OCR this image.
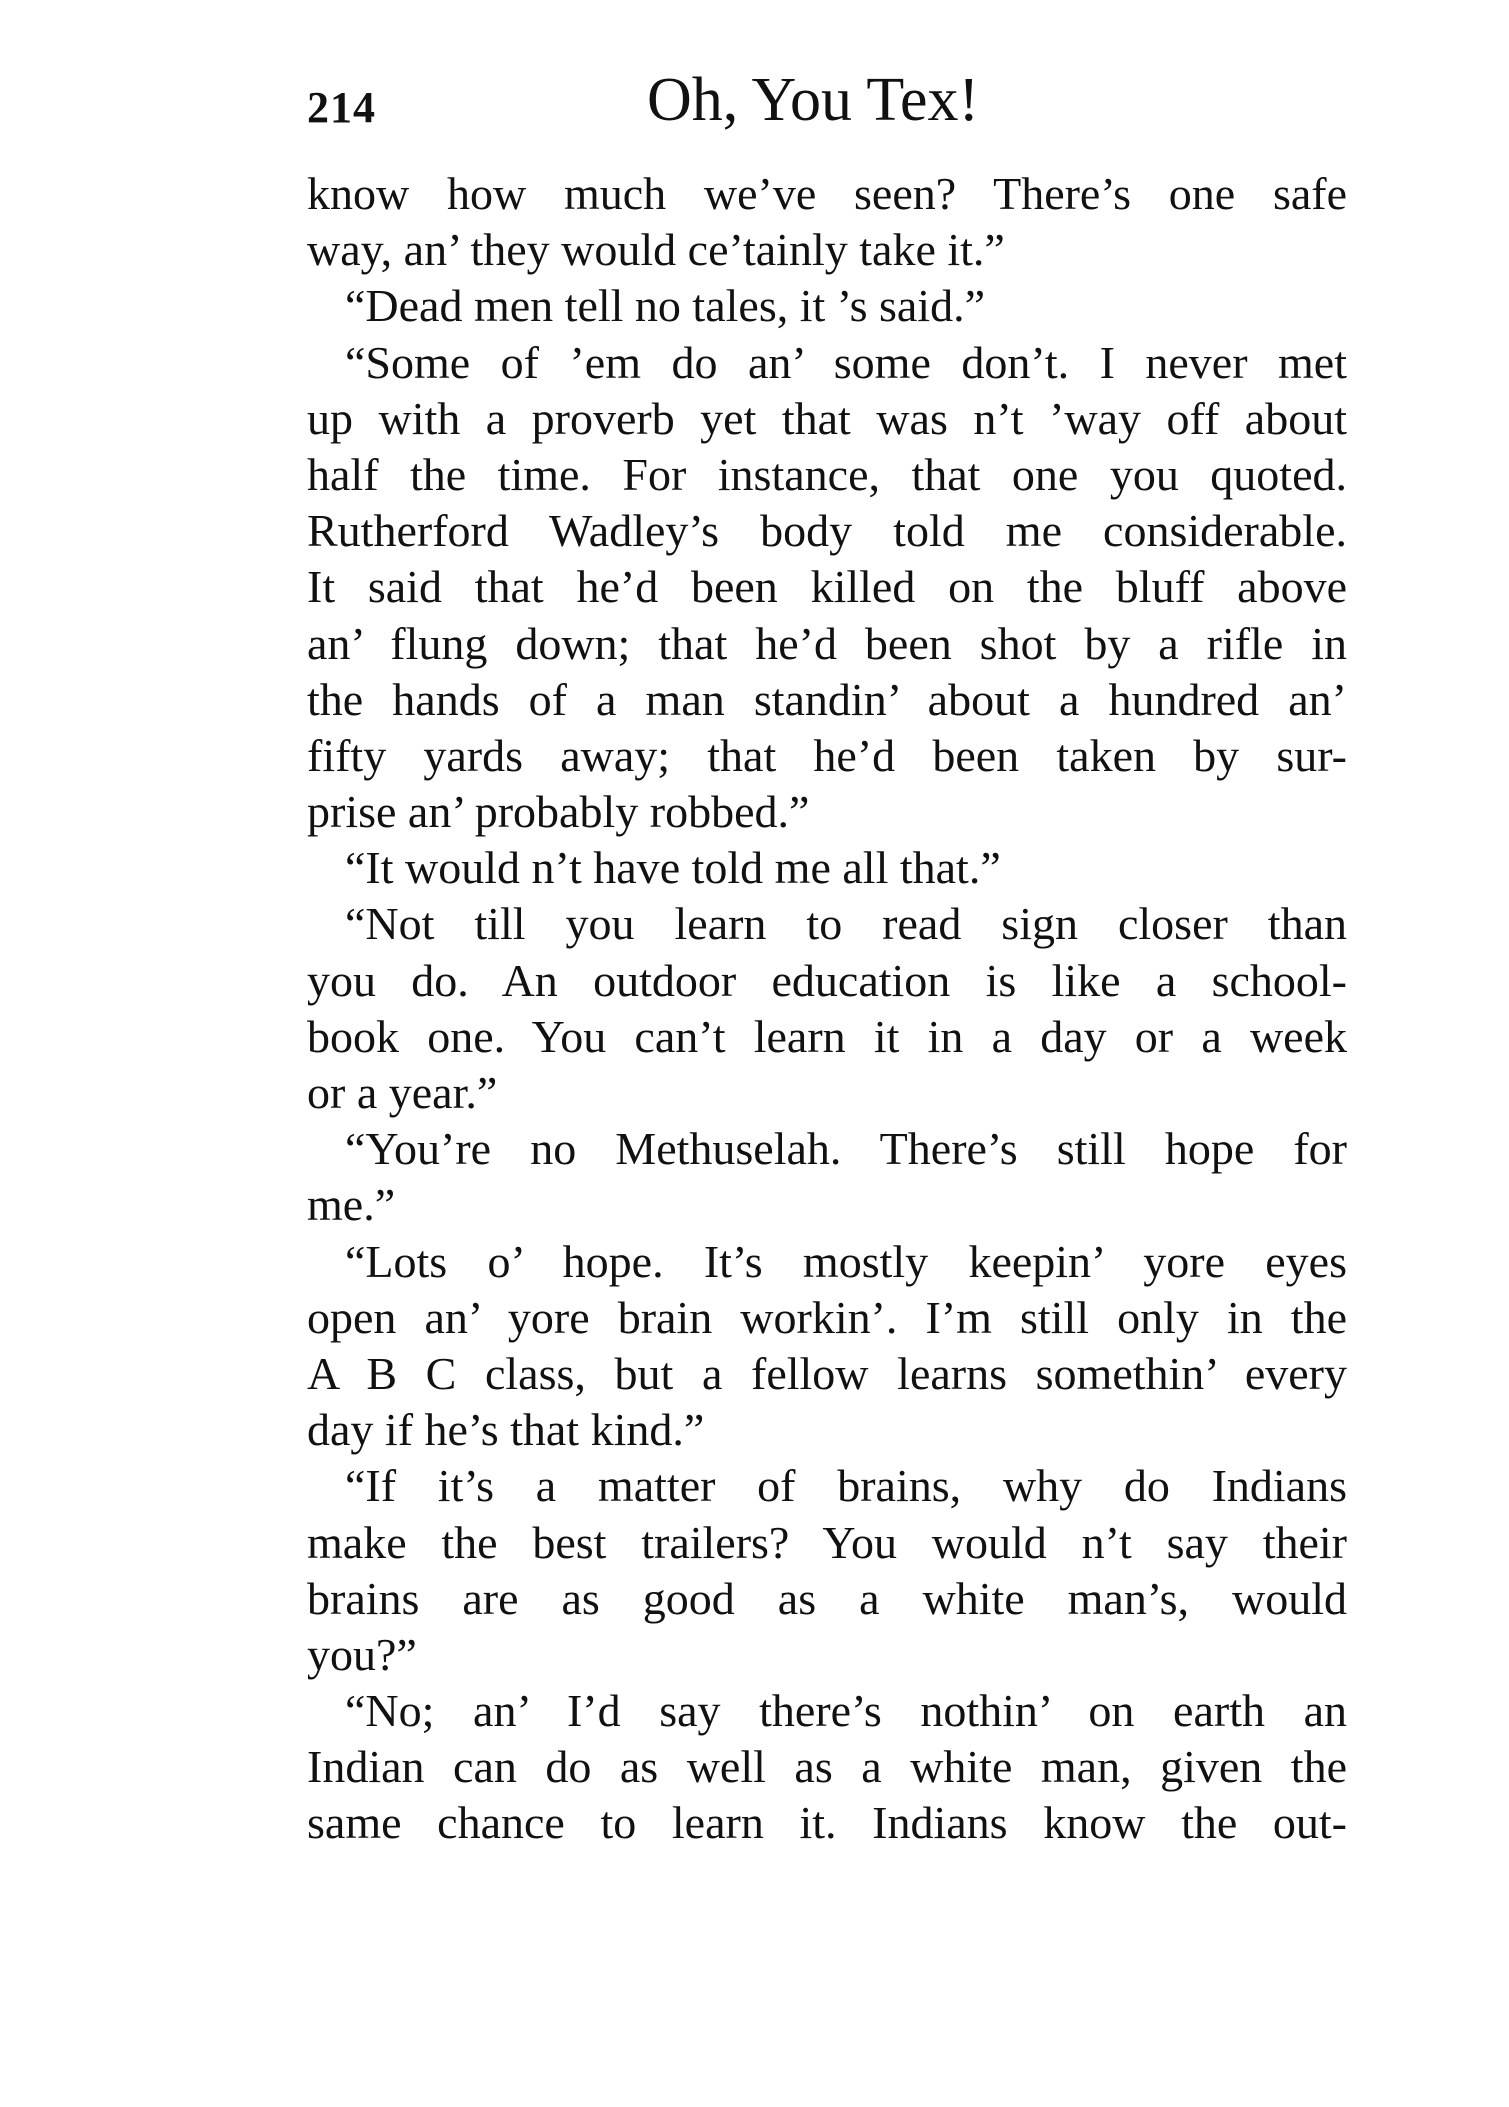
214	Oh, You Tex!
know how much we’ve seen? There’s one safe
way, an’ they would ce’tainly take it.”
“Dead men tell no tales, it ’s said.”
“Some of ’em do an’ some don’t. I never met
up with a proverb yet that was n’t ’way off about
half the time. For instance, that one you quoted.
Rutherford Wadley’s body told me considerable.
It said that he’d been killed on the bluff above
an’ flung down; that he’d been shot by a rifle in
the hands of a man standin’ about a hundred an’
fifty yards away; that he’d been taken by sur-
prise an’ probably robbed.”
“It would n’t have told me all that.”
“Not till you learn to read sign closer than
you do. An outdoor education is like a school-
book one. You can’t learn it in a day or a week
or a year.”
“You’re no Methuselah. There’s still hope for
me.”
“Lots o’ hope. It’s mostly keepin’ yore eyes
open an’ yore brain workin’. I’m still only in the
A B C class, but a fellow learns somethin’ every
day if he’s that kind.”
“If it’s a matter of brains, why do Indians
make the best trailers? You would n’t say their
brains are as good as a white man’s, would
you?”
“No; an’ I’d say there’s nothin’ on earth an
Indian can do as well as a white man, given the
same chance to learn it. Indians know the out-
